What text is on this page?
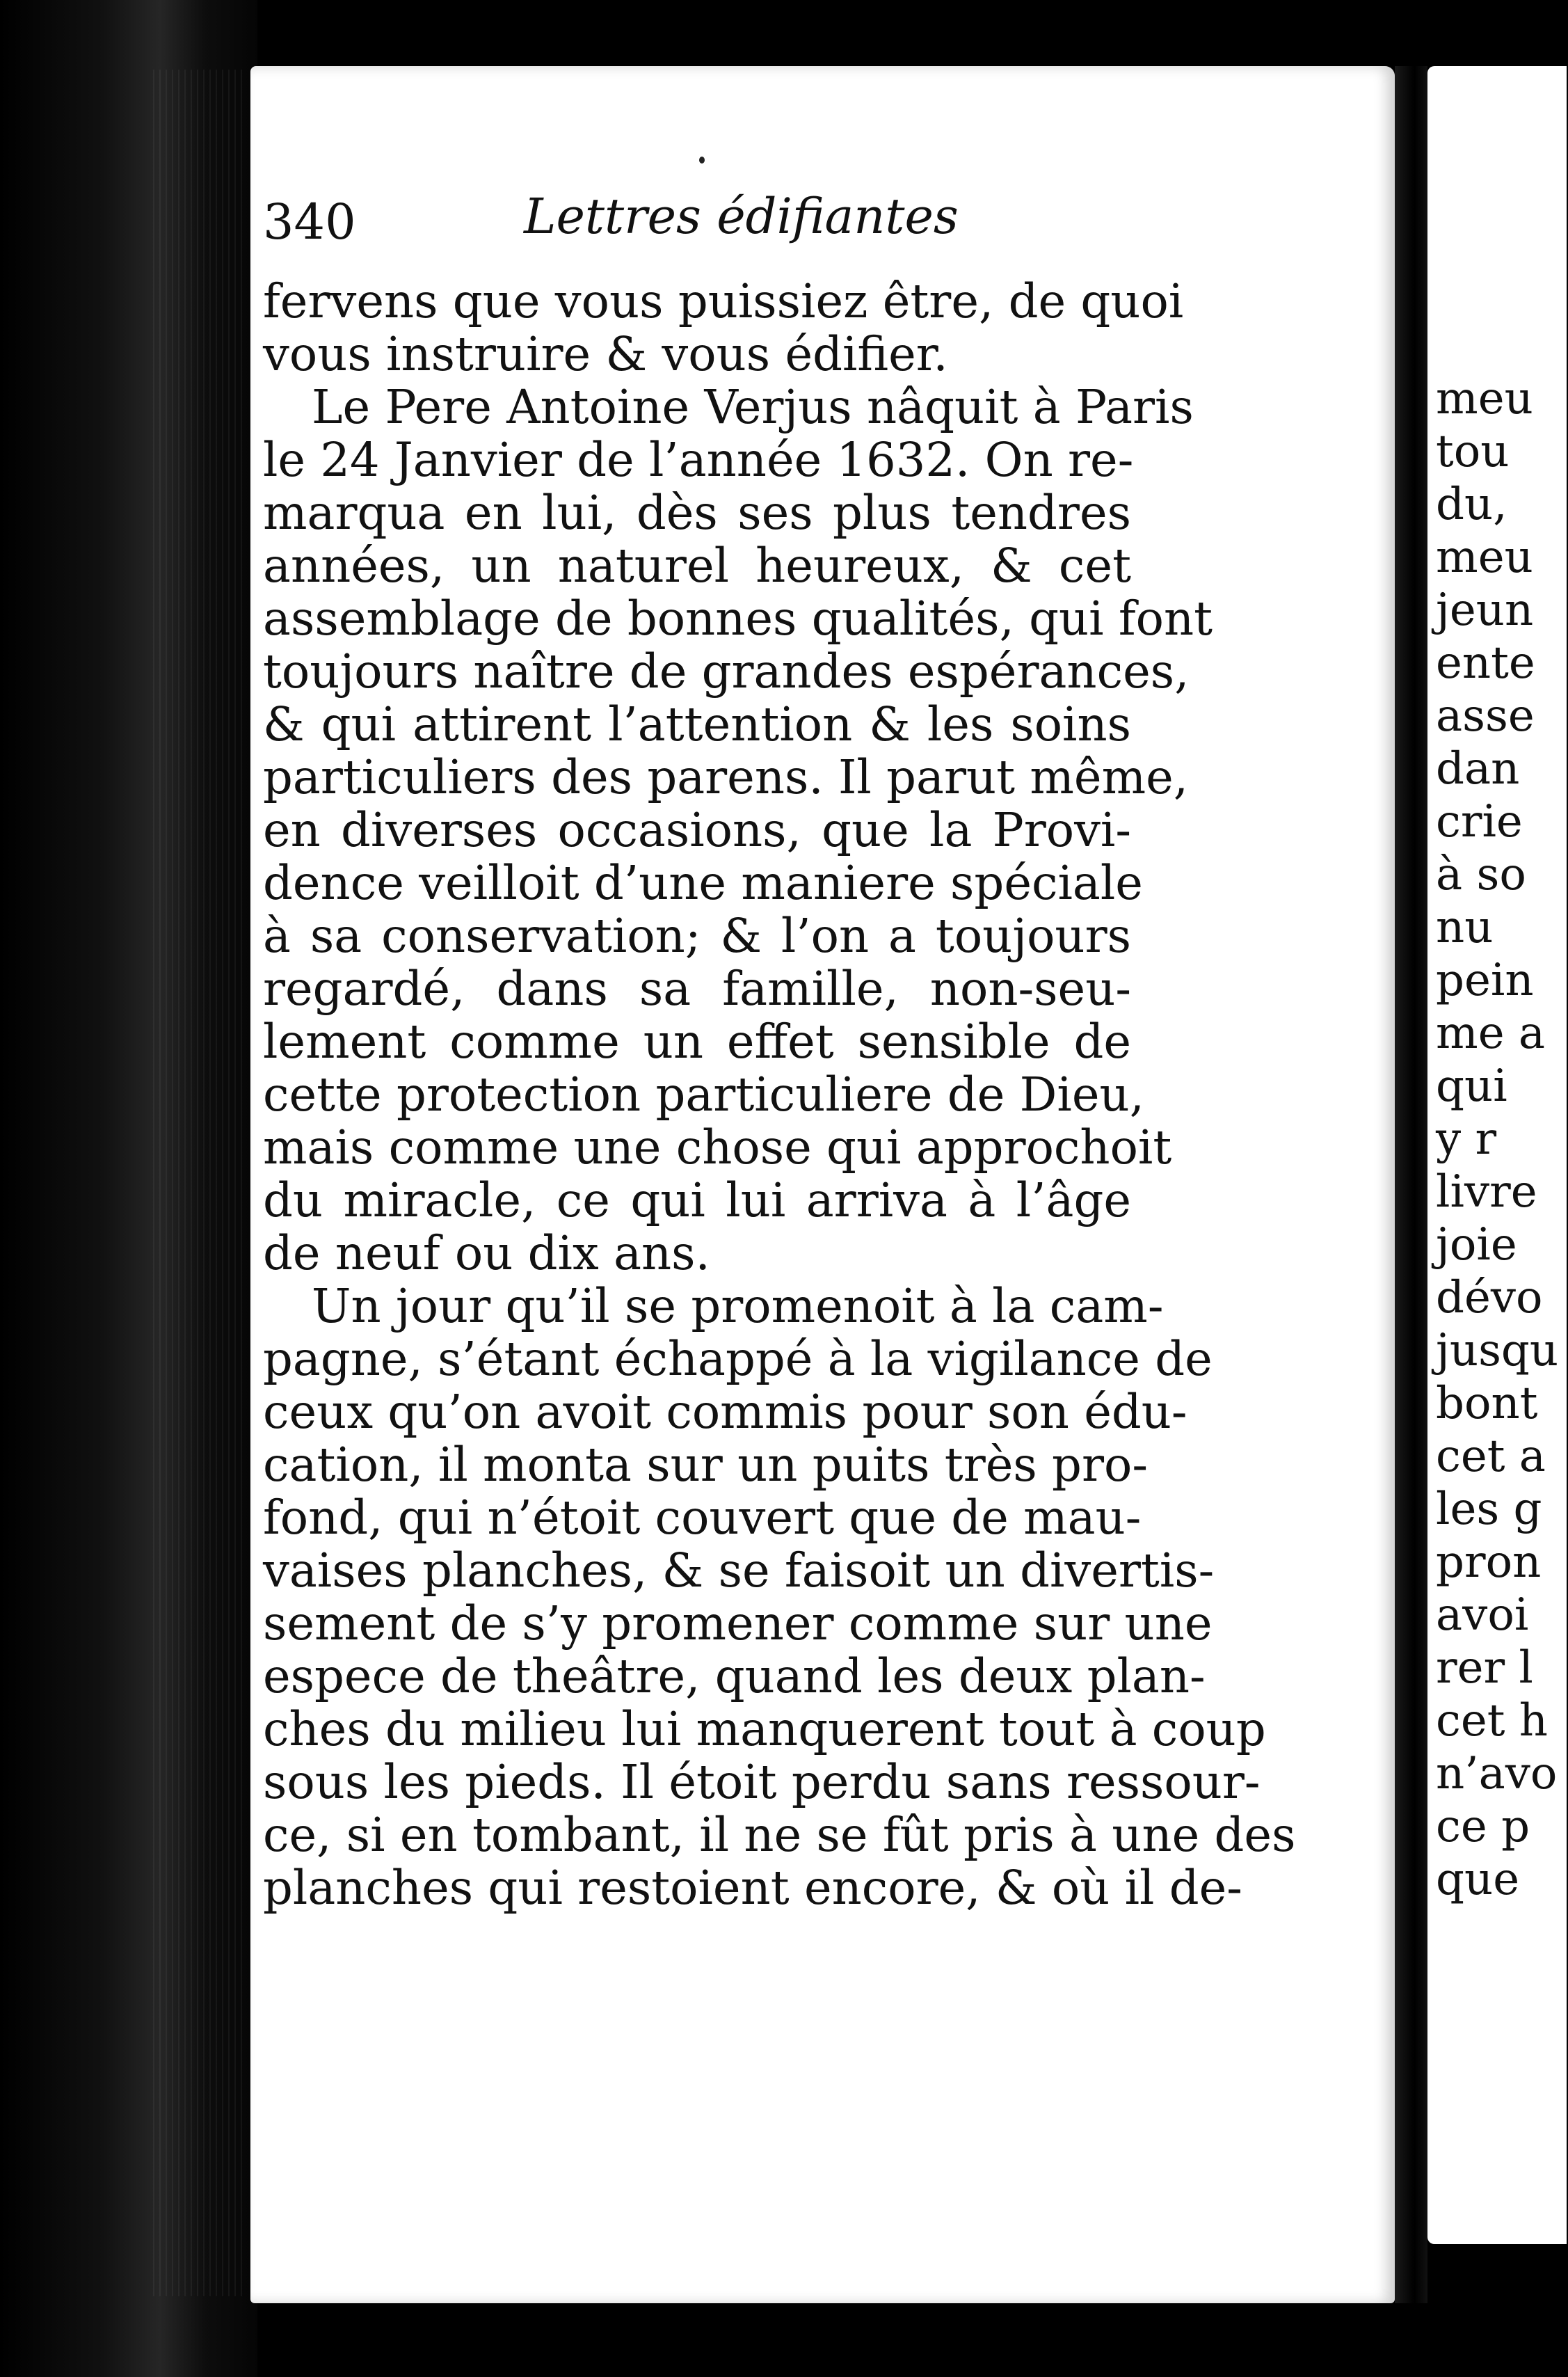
meu
tou
du,
meu
jeun
ente
asse
dan
crie
à so
nu
pein
me a
qui
y r
livre
joie
dévo
jusqu
bont
cet a
les g
pron
avoi
rer l
cet h
n’avo
ce p
que
340	Lettres édifiantes
fervens que vous puissiez être, de quoi
vous instruire & vous édifier.
Le Pere Antoine Verjus nâquit à Paris
le 24 Janvier de l’année 1632. On re-
marqua en lui, dès ses plus tendres
années, un naturel heureux, & cet
assemblage de bonnes qualités, qui font
toujours naître de grandes espérances,
& qui attirent l’attention & les soins
particuliers des parens. Il parut même,
en diverses occasions, que la Provi-
dence veilloit d’une maniere spéciale
à sa conservation; & l’on a toujours
regardé, dans sa famille, non-seu-
lement comme un effet sensible de
cette protection particuliere de Dieu,
mais comme une chose qui approchoit
du miracle, ce qui lui arriva à l’âge
de neuf ou dix ans.
Un jour qu’il se promenoit à la cam-
pagne, s’étant échappé à la vigilance de
ceux qu’on avoit commis pour son édu-
cation, il monta sur un puits très pro-
fond, qui n’étoit couvert que de mau-
vaises planches, & se faisoit un divertis-
sement de s’y promener comme sur une
espece de theâtre, quand les deux plan-
ches du milieu lui manquerent tout à coup
sous les pieds. Il étoit perdu sans ressour-
ce, si en tombant, il ne se fût pris à une des
planches qui restoient encore, & où il de-
